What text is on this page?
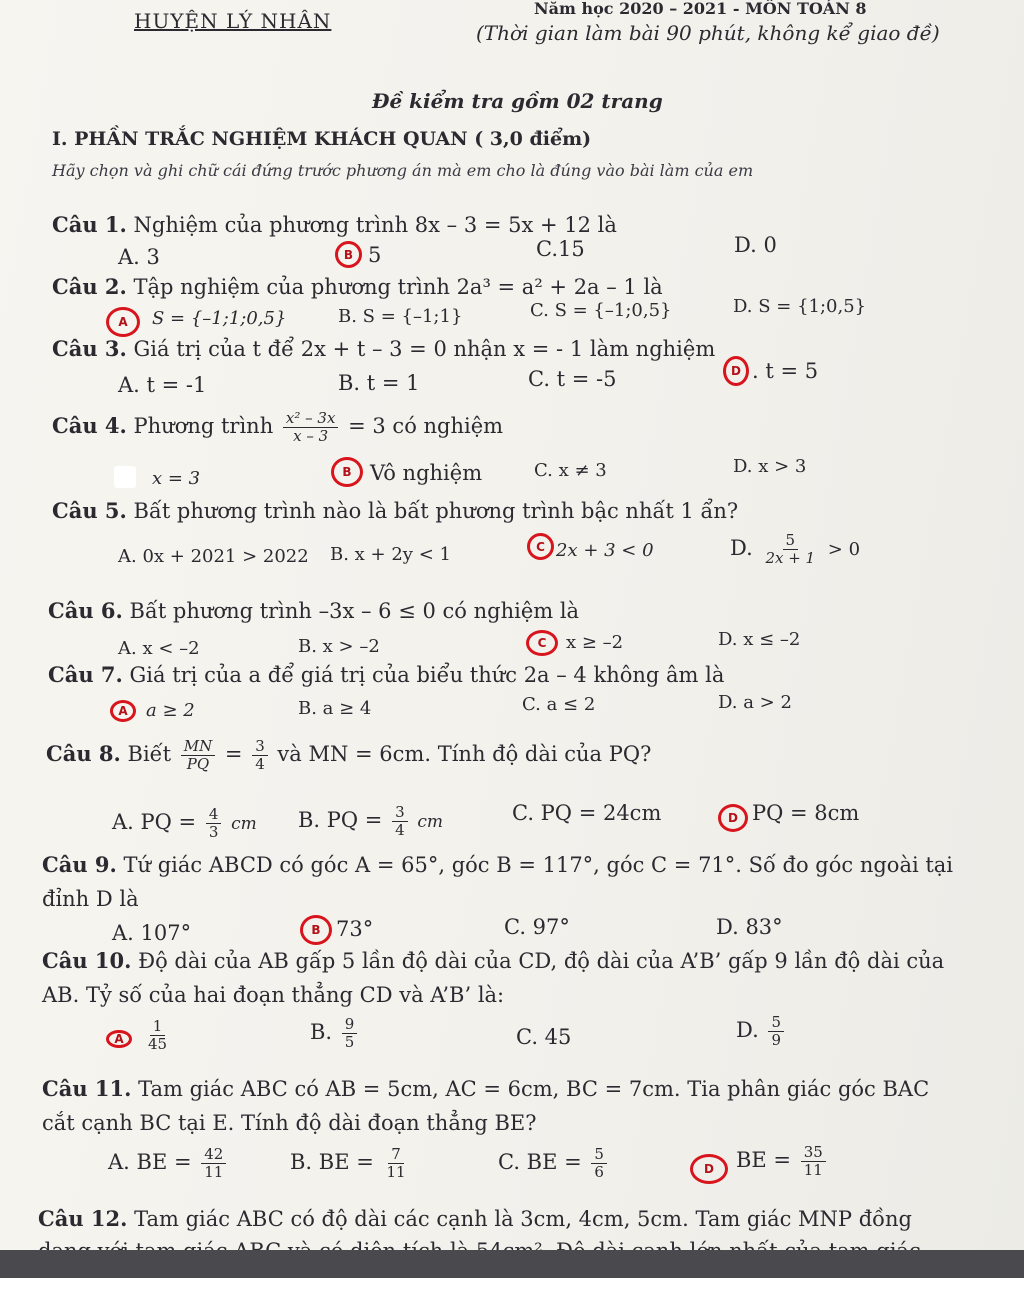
HUYỆN LÝ NHÂN
Năm học 2020 – 2021 - MÔN TOÁN 8
(Thời gian làm bài 90 phút, không kể giao đề)
Đề kiểm tra gồm 02 trang
I. PHẦN TRẮC NGHIỆM KHÁCH QUAN ( 3,0 điểm)
Hãy chọn và ghi chữ cái đứng trước phương án mà em cho là đúng vào bài làm của em
Câu 1. Nghiệm của phương trình 8x – 3 = 5x + 12 là
A. 3	B 5	C.15	D. 0
Câu 2. Tập nghiệm của phương trình 2a³ = a² + 2a – 1 là
A	S = {–1;1;0,5}	B. S = {–1;1}	C. S = {–1;0,5}	D. S = {1;0,5}
Câu 3. Giá trị của t để 2x + t – 3 = 0 nhận x = - 1 làm nghiệm
A. t = -1	B. t = 1	C. t = -5	D . t = 5
Câu 4. Phương trình $\frac{\text{x² – 3x}}{x - 3} = 3$ có nghiệm
x = 3	B Vô nghiệm	C. x ≠ 3	D. x > 3
Câu 5. Bất phương trình nào là bất phương trình bậc nhất 1 ẩn?
A. 0x + 2021 > 2022 B. x + 2y < 1	C 2x + 3 < 0	D. $\frac{5}{2x + 1} > 0$
Câu 6. Bất phương trình –3x – 6 ≤ 0 có nghiệm là
A. x < –2	B. x > –2	C	x ≥ –2	D. x ≤ –2
Câu 7. Giá trị của a để giá trị của biểu thức 2a – 4 không âm là
A	a ≥ 2	B. a ≥ 4	C. a ≤ 2	D. a > 2
Câu 8. Biết $\frac{MN}{PQ} = \frac{3}{4}$ và MN = 6cm. Tính độ dài của PQ?
A. PQ = $\frac{4}{3}$ cm B. PQ = $\frac{3}{4}$ cm	C. PQ = 24cm	D PQ = 8cm
Câu 9. Tứ giác ABCD có góc A = 65°, góc B = 117°, góc C = 71°. Số đo góc ngoài tại
đỉnh D là
A. 107°	B 73°	C. 97°	D. 83°
Câu 10. Độ dài của AB gấp 5 lần độ dài của CD, độ dài của A’B’ gấp 9 lần độ dài của
AB. Tỷ số của hai đoạn thẳng CD và A’B’ là:
A	$\frac{1}{45}$	B. $\frac{9}{5}$	C. 45	D. $\frac{5}{9}$
Câu 11. Tam giác ABC có AB = 5cm, AC = 6cm, BC = 7cm. Tia phân giác góc BAC
cắt cạnh BC tại E. Tính độ dài đoạn thẳng BE?
A. BE = $\frac{42}{11}$	B. BE = $\frac{7}{11}$	C. BE = $\frac{5}{6}$	D	BE = $\frac{35}{11}$
Câu 12. Tam giác ABC có độ dài các cạnh là 3cm, 4cm, 5cm. Tam giác MNP đồng
